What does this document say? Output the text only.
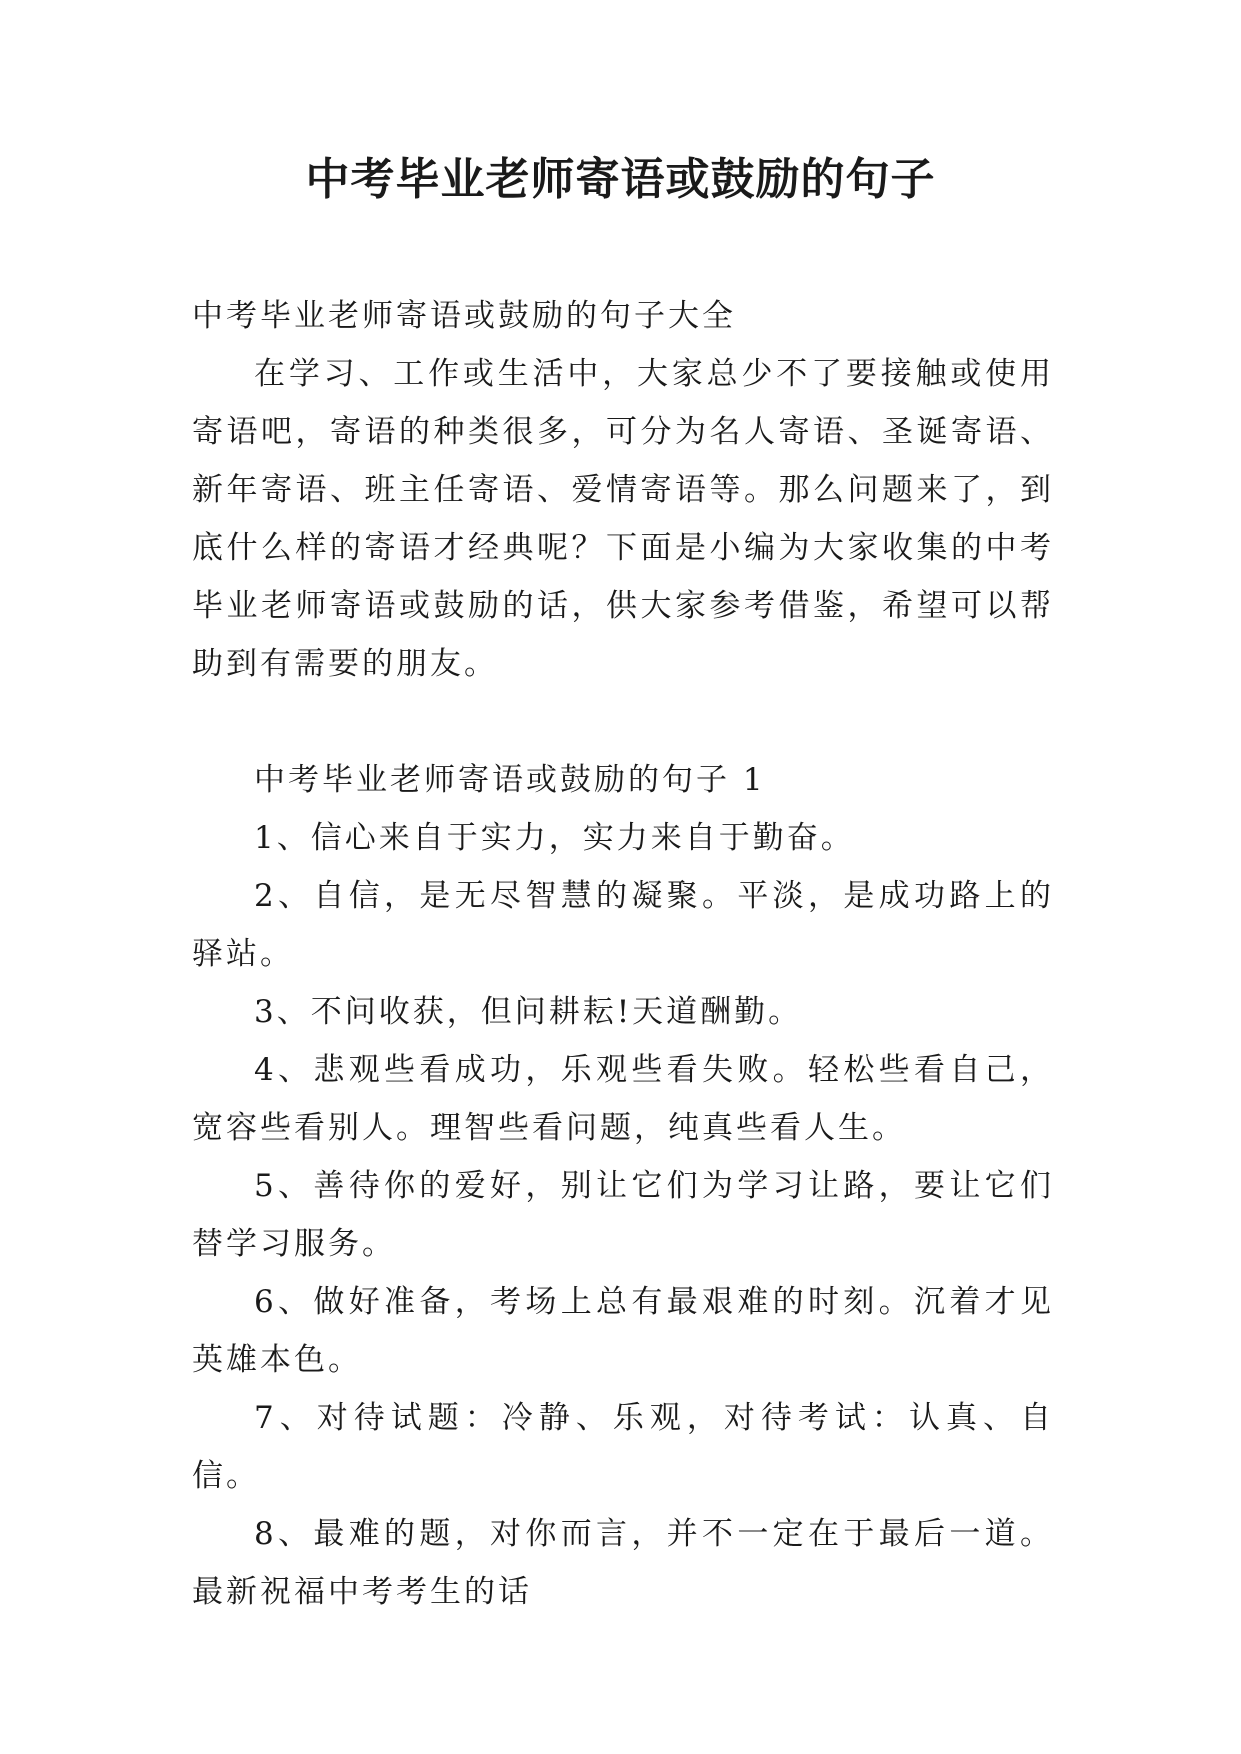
中考毕业老师寄语或鼓励的句子

中考毕业老师寄语或鼓励的句子大全

在学习、工作或生活中，大家总少不了要接触或使用寄语吧，寄语的种类很多，可分为名人寄语、圣诞寄语、新年寄语、班主任寄语、爱情寄语等。那么问题来了，到底什么样的寄语才经典呢？下面是小编为大家收集的中考毕业老师寄语或鼓励的话，供大家参考借鉴，希望可以帮助到有需要的朋友。

中考毕业老师寄语或鼓励的句子 1

1、信心来自于实力，实力来自于勤奋。

2、自信，是无尽智慧的凝聚。平淡，是成功路上的驿站。

3、不问收获，但问耕耘!天道酬勤。

4、悲观些看成功，乐观些看失败。轻松些看自己，宽容些看别人。理智些看问题，纯真些看人生。

5、善待你的爱好，别让它们为学习让路，要让它们替学习服务。

6、做好准备，考场上总有最艰难的时刻。沉着才见英雄本色。

7、对待试题：冷静、乐观，对待考试：认真、自信。

8、最难的题，对你而言，并不一定在于最后一道。最新祝福中考考生的话
